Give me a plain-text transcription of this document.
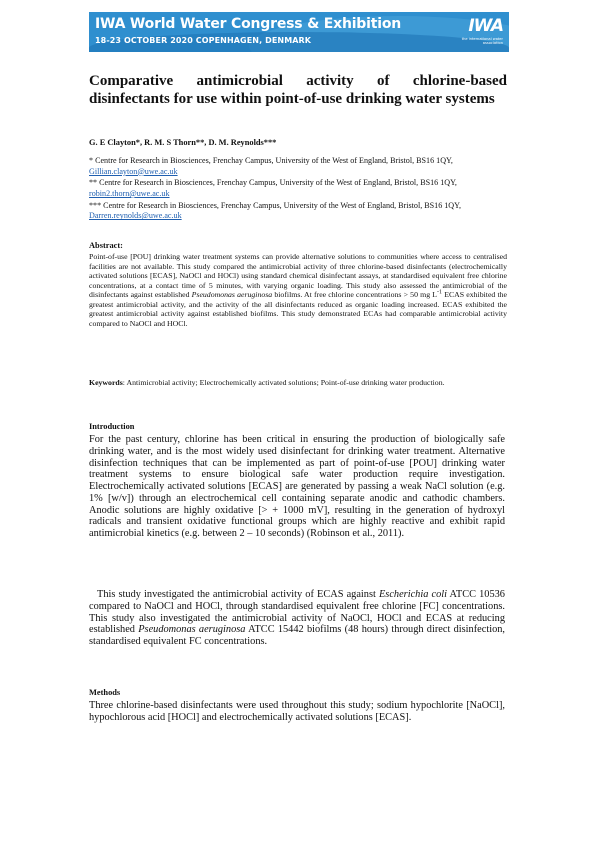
IWA World Water Congress & Exhibition
18-23 OCTOBER 2020 COPENHAGEN, DENMARK
IWA
the international water association
Comparative antimicrobial activity of chlorine-based disinfectants for use within point-of-use drinking water systems
G. E Clayton*, R. M. S Thorn**, D. M. Reynolds***
* Centre for Research in Biosciences, Frenchay Campus, University of the West of England, Bristol, BS16 1QY, Gillian.clayton@uwe.ac.uk
** Centre for Research in Biosciences, Frenchay Campus, University of the West of England, Bristol, BS16 1QY, robin2.thorn@uwe.ac.uk
*** Centre for Research in Biosciences, Frenchay Campus, University of the West of England, Bristol, BS16 1QY, Darren.reynolds@uwe.ac.uk
Abstract:

Point-of-use [POU] drinking water treatment systems can provide alternative solutions to communities where access to centralised facilities are not available. This study compared the antimicrobial activity of three chlorine-based disinfectants (electrochemically activated solutions [ECAS], NaOCl and HOCl) using standard chemical disinfectant assays, at standardised equivalent free chlorine concentrations, at a contact time of 5 minutes, with varying organic loading. This study also assessed the antimicrobial of the disinfectants against established Pseudomonas aeruginosa biofilms. At free chlorine concentrations > 50 mg $L^{-1}$ ECAS exhibited the greatest antimicrobial activity, and the activity of the all disinfectants reduced as organic loading increased. ECAS exhibited the greatest antimicrobial activity against established biofilms. This study demonstrated ECAs had comparable antimicrobial activity compared to NaOCl and HOCl.

Keywords: Antimicrobial activity; Electrochemically activated solutions; Point-of-use drinking water production.
Introduction

For the past century, chlorine has been critical in ensuring the production of biologically safe drinking water, and is the most widely used disinfectant for drinking water treatment. Alternative disinfection techniques that can be implemented as part of point-of-use [POU] drinking water treatment systems to ensure biological safe water production require investigation. Electrochemically activated solutions [ECAS] are generated by passing a weak NaCl solution (e.g. 1% [w/v]) through an electrochemical cell containing separate anodic and cathodic chambers. Anodic solutions are highly oxidative [> + 1000 mV], resulting in the generation of hydroxyl radicals and transient oxidative functional groups which are highly reactive and exhibit rapid antimicrobial kinetics (e.g. between 2 – 10 seconds) (Robinson et al., 2011).

This study investigated the antimicrobial activity of ECAS against Escherichia coli ATCC 10536 compared to NaOCl and HOCl, through standardised equivalent free chlorine [FC] concentrations. This study also investigated the antimicrobial activity of NaOCl, HOCl and ECAS at reducing established Pseudomonas aeruginosa ATCC 15442 biofilms (48 hours) through direct disinfection, standardised equivalent FC concentrations.

Methods

Three chlorine-based disinfectants were used throughout this study; sodium hypochlorite [NaOCl], hypochlorous acid [HOCl] and electrochemically activated solutions [ECAS].
